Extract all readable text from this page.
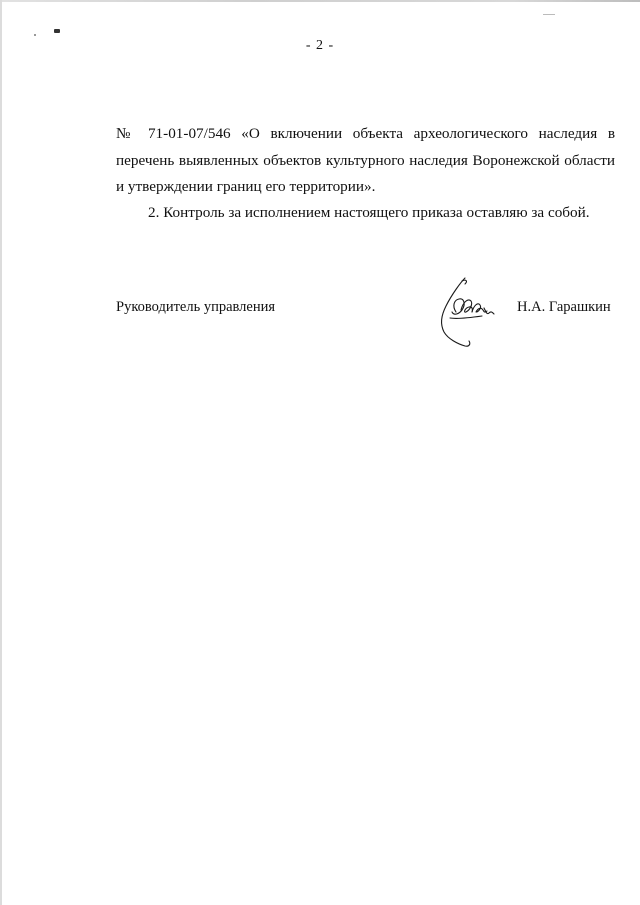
- 2 -

№ 71-01-07/546 «О включении объекта археологического наследия в перечень выявленных объектов культурного наследия Воронежской области и утверждении границ его территории».

2. Контроль за исполнением настоящего приказа оставляю за собой.

Руководитель управления	Н.А. Гарашкин
